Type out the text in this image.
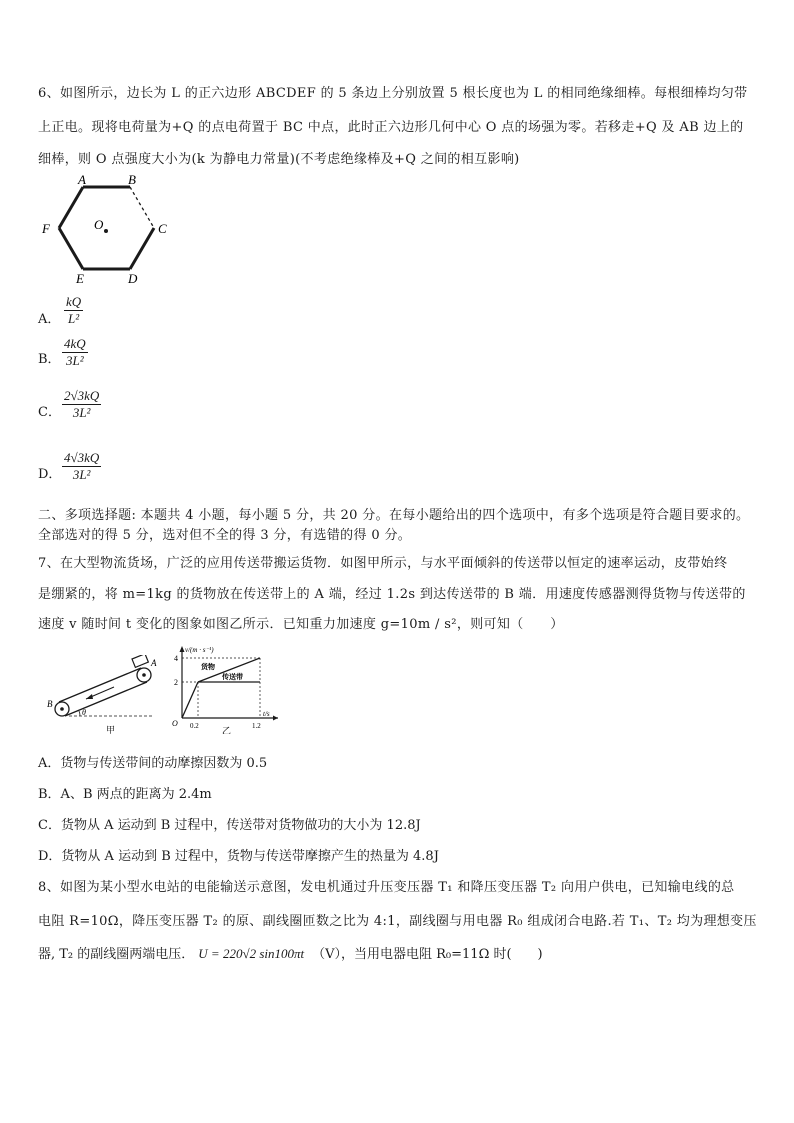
6、如图所示，边长为 L 的正六边形 ABCDEF 的 5 条边上分别放置 5 根长度也为 L 的相同绝缘细棒。每根细棒均匀带
上正电。现将电荷量为+Q 的点电荷置于 BC 中点，此时正六边形几何中心 O 点的场强为零。若移走+Q 及 AB 边上的
细棒，则 O 点强度大小为(k 为静电力常量)(不考虑绝缘棒及+Q 之间的相互影响)
A	B
C
D
E
F	O
A．
kQ
L²
B．
4kQ
3L²
C．
2√3kQ
3L²
D．
4√3kQ
3L²
二、多项选择题: 本题共 4 小题，每小题 5 分，共 20 分。在每小题给出的四个选项中，有多个选项是符合题目要求的。
全部选对的得 5 分，选对但不全的得 3 分，有选错的得 0 分。
7、在大型物流货场，广泛的应用传送带搬运货物．如图甲所示，与水平面倾斜的传送带以恒定的速率运动，皮带始终
是绷紧的，将 m=1kg 的货物放在传送带上的 A 端，经过 1.2s 到达传送带的 B 端．用速度传感器测得货物与传送带的
速度 v 随时间 t 变化的图象如图乙所示．已知重力加速度 g=10m / s²，则可知（　　）
B
A
θ
甲
v/(m · s⁻¹)
t/s
4
2
O 0.2	1.2
货物
传送带
乙
A．货物与传送带间的动摩擦因数为 0.5
B．A、B 两点的距离为 2.4m
C．货物从 A 运动到 B 过程中，传送带对货物做功的大小为 12.8J
D．货物从 A 运动到 B 过程中，货物与传送带摩擦产生的热量为 4.8J
8、如图为某小型水电站的电能输送示意图，发电机通过升压变压器 T₁ 和降压变压器 T₂ 向用户供电，已知输电线的总
电阻 R=10Ω，降压变压器 T₂ 的原、副线圈匝数之比为 4:1，副线圈与用电器 R₀ 组成闭合电路.若 T₁、T₂ 均为理想变压
器, T₂ 的副线圈两端电压． U = 220√2 sin100πt （V），当用电器电阻 R₀=11Ω 时(　　)
